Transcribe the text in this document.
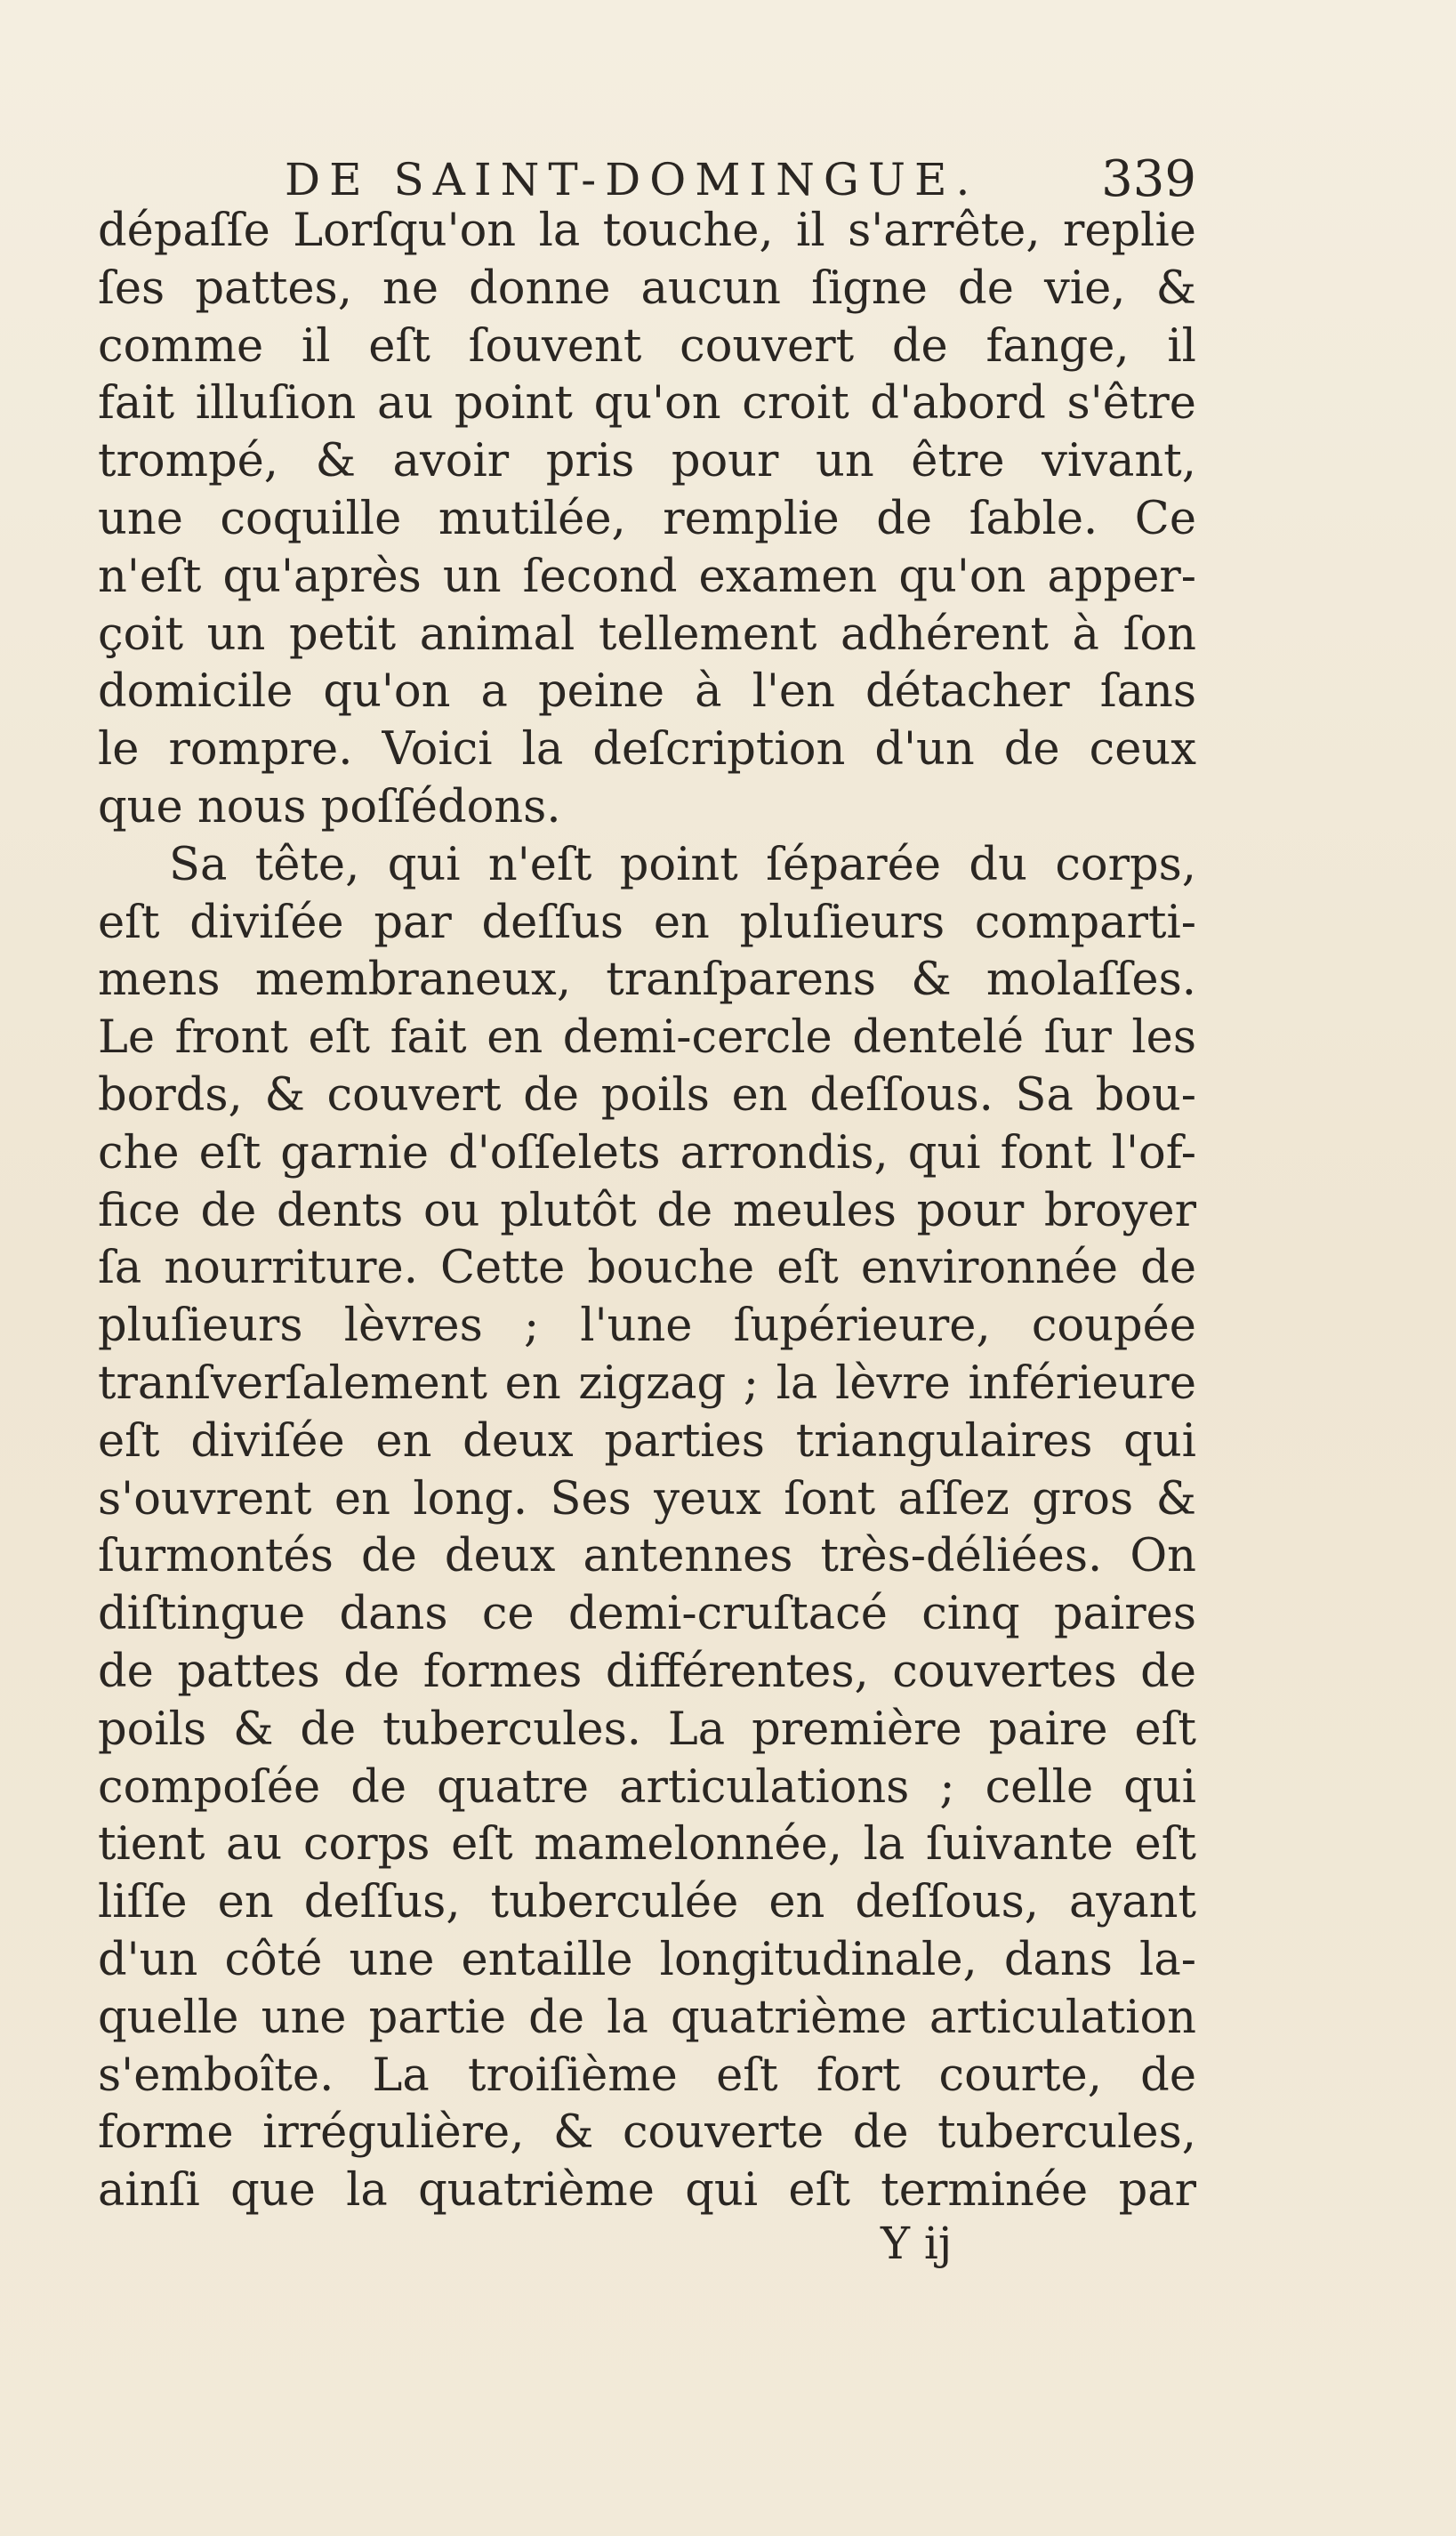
DE SAINT-DOMINGUE. 339
dépaſſe Lorſqu'on la touche, il s'arrête, replie
ſes pattes, ne donne aucun ſigne de vie, &
comme il eſt ſouvent couvert de fange, il
fait illuſion au point qu'on croit d'abord s'être
trompé, & avoir pris pour un être vivant,
une coquille mutilée, remplie de ſable. Ce
n'eſt qu'après un ſecond examen qu'on apper-
çoit un petit animal tellement adhérent à ſon
domicile qu'on a peine à l'en détacher ſans
le rompre. Voici la deſcription d'un de ceux
que nous poſſédons.
Sa tête, qui n'eſt point ſéparée du corps,
eſt diviſée par deſſus en pluſieurs comparti-
mens membraneux, tranſparens & molaſſes.
Le front eſt fait en demi-cercle dentelé ſur les
bords, & couvert de poils en deſſous. Sa bou-
che eſt garnie d'oſſelets arrondis, qui font l'of-
fice de dents ou plutôt de meules pour broyer
ſa nourriture. Cette bouche eſt environnée de
pluſieurs lèvres ; l'une ſupérieure, coupée
tranſverſalement en zigzag ; la lèvre inférieure
eſt diviſée en deux parties triangulaires qui
s'ouvrent en long. Ses yeux ſont aſſez gros &
ſurmontés de deux antennes très-déliées. On
diſtingue dans ce demi-cruſtacé cinq paires
de pattes de formes différentes, couvertes de
poils & de tubercules. La première paire eſt
compoſée de quatre articulations ; celle qui
tient au corps eſt mamelonnée, la ſuivante eſt
liſſe en deſſus, tuberculée en deſſous, ayant
d'un côté une entaille longitudinale, dans la-
quelle une partie de la quatrième articulation
s'emboîte. La troiſième eſt fort courte, de
forme irrégulière, & couverte de tubercules,
ainſi que la quatrième qui eſt terminée par
Y ij
